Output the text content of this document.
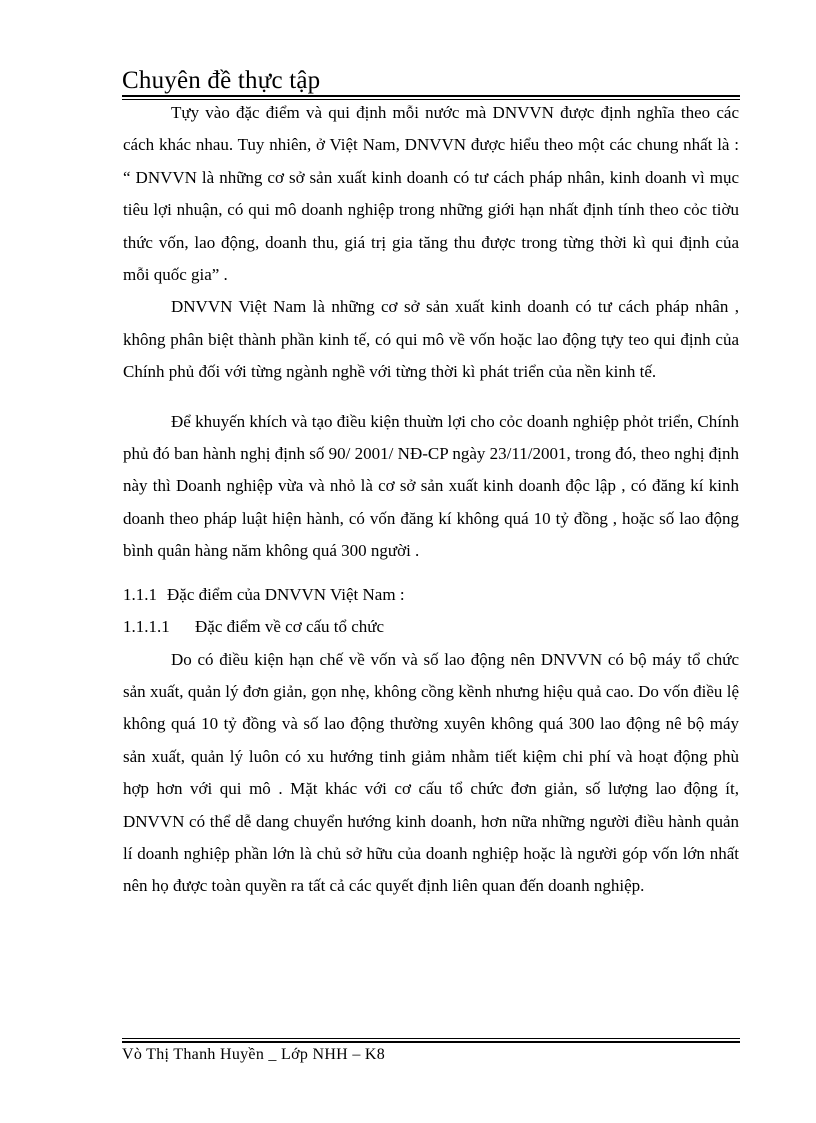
Chuyên đề thực tập

Tựy vào đặc điểm và qui định mỗi nước mà DNVVN được định nghĩa theo các cách khác nhau. Tuy nhiên, ở Việt Nam, DNVVN được hiểu theo một các chung nhất là : “ DNVVN là những cơ sở sản xuất kinh doanh có tư cách pháp nhân, kinh doanh vì mục tiêu lợi nhuận, có qui mô doanh nghiệp trong những giới hạn nhất định tính theo cỏc tiờu thức vốn, lao động, doanh thu, giá trị gia tăng thu được trong từng thời kì qui định của mỗi quốc gia” .

DNVVN Việt Nam là những cơ sở sản xuất kinh doanh có tư cách pháp nhân , không phân biệt thành phần kinh tế, có qui mô về vốn hoặc lao động tựy teo qui định của Chính phủ đối với từng ngành nghề với từng thời kì phát triển của nền kinh tế.

Để khuyến khích và tạo điều kiện thuừn lợi cho cỏc doanh nghiệp phỏt triển, Chính phủ đó ban hành nghị định số 90/ 2001/ NĐ-CP ngày 23/11/2001, trong đó, theo nghị định này thì Doanh nghiệp vừa và nhỏ là cơ sở sản xuất kinh doanh độc lập , có đăng kí kinh doanh theo pháp luật hiện hành, có vốn đăng kí không quá 10 tỷ đồng , hoặc số lao động bình quân hàng năm không quá 300 người .

1.1.1 Đặc điểm của DNVVN Việt Nam :
1.1.1.1 Đặc điểm về cơ cấu tổ chức

Do có điều kiện hạn chế về vốn và số lao động nên DNVVN có bộ máy tổ chức sản xuất, quản lý đơn giản, gọn nhẹ, không cồng kềnh nhưng hiệu quả cao. Do vốn điều lệ không quá 10 tỷ đồng và số lao động thường xuyên không quá 300 lao động nê bộ máy sản xuất, quản lý luôn có xu hướng tinh giảm nhằm tiết kiệm chi phí và hoạt động phù hợp hơn với qui mô . Mặt khác với cơ cấu tổ chức đơn giản, số lượng lao động ít, DNVVN có thể dễ dang chuyển hướng kinh doanh, hơn nữa những người điều hành quản lí doanh nghiệp phần lớn là chủ sở hữu của doanh nghiệp hoặc là người góp vốn lớn nhất nên họ được toàn quyền ra tất cả các quyết định liên quan đến doanh nghiệp.

Vò Thị Thanh Huyền _ Lớp NHH – K8
